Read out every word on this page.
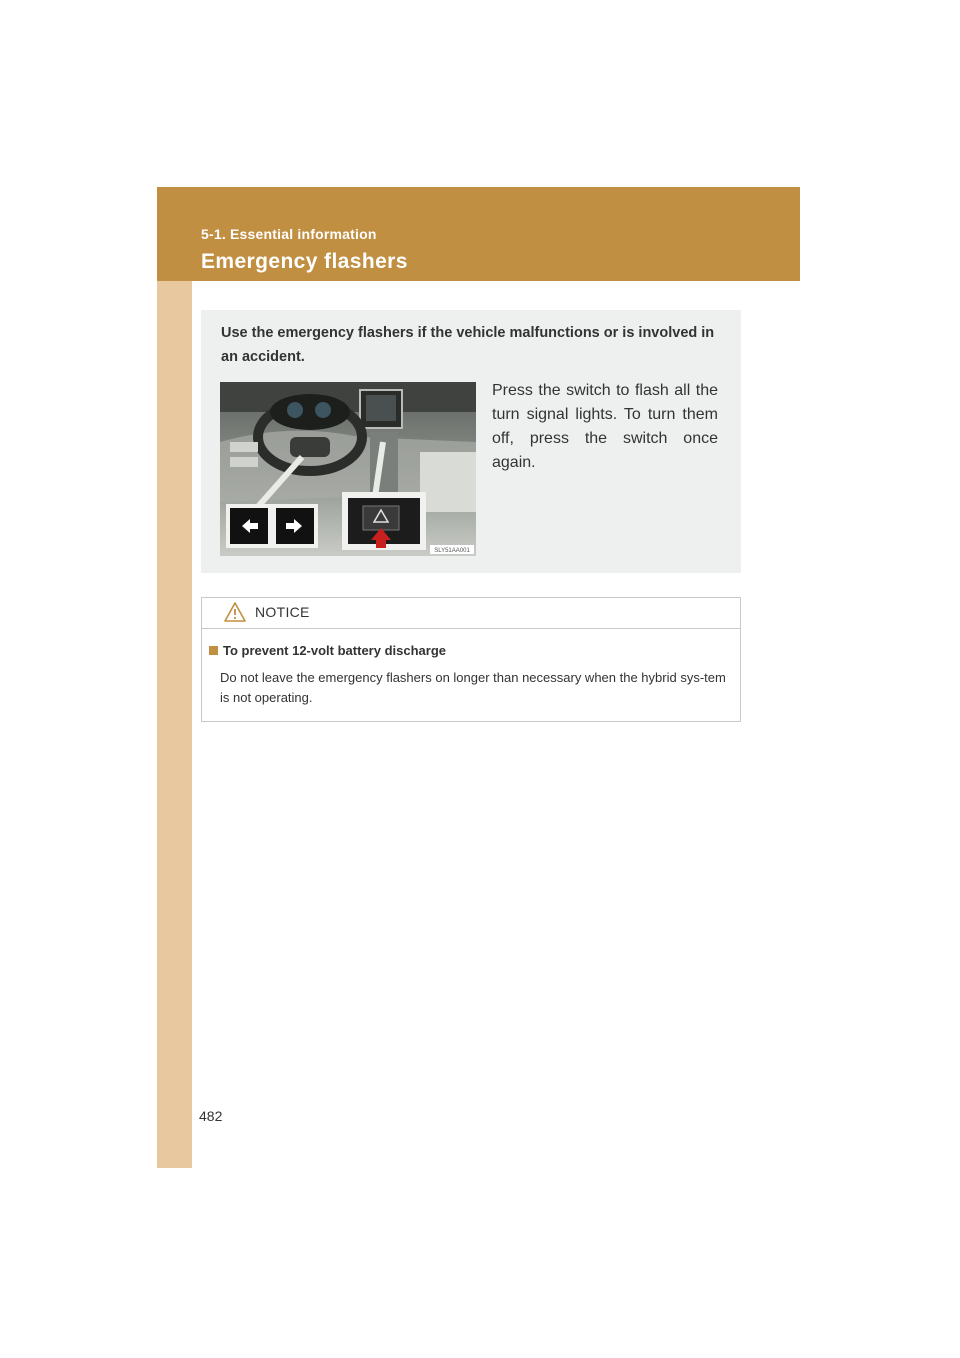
5-1. Essential information
Emergency flashers
Use the emergency flashers if the vehicle malfunctions or is involved in an accident.
Press the switch to flash all the turn signal lights. To turn them off, press the switch once again.
SLY51AA001
NOTICE
To prevent 12-volt battery discharge
Do not leave the emergency flashers on longer than necessary when the hybrid sys-tem is not operating.
482
